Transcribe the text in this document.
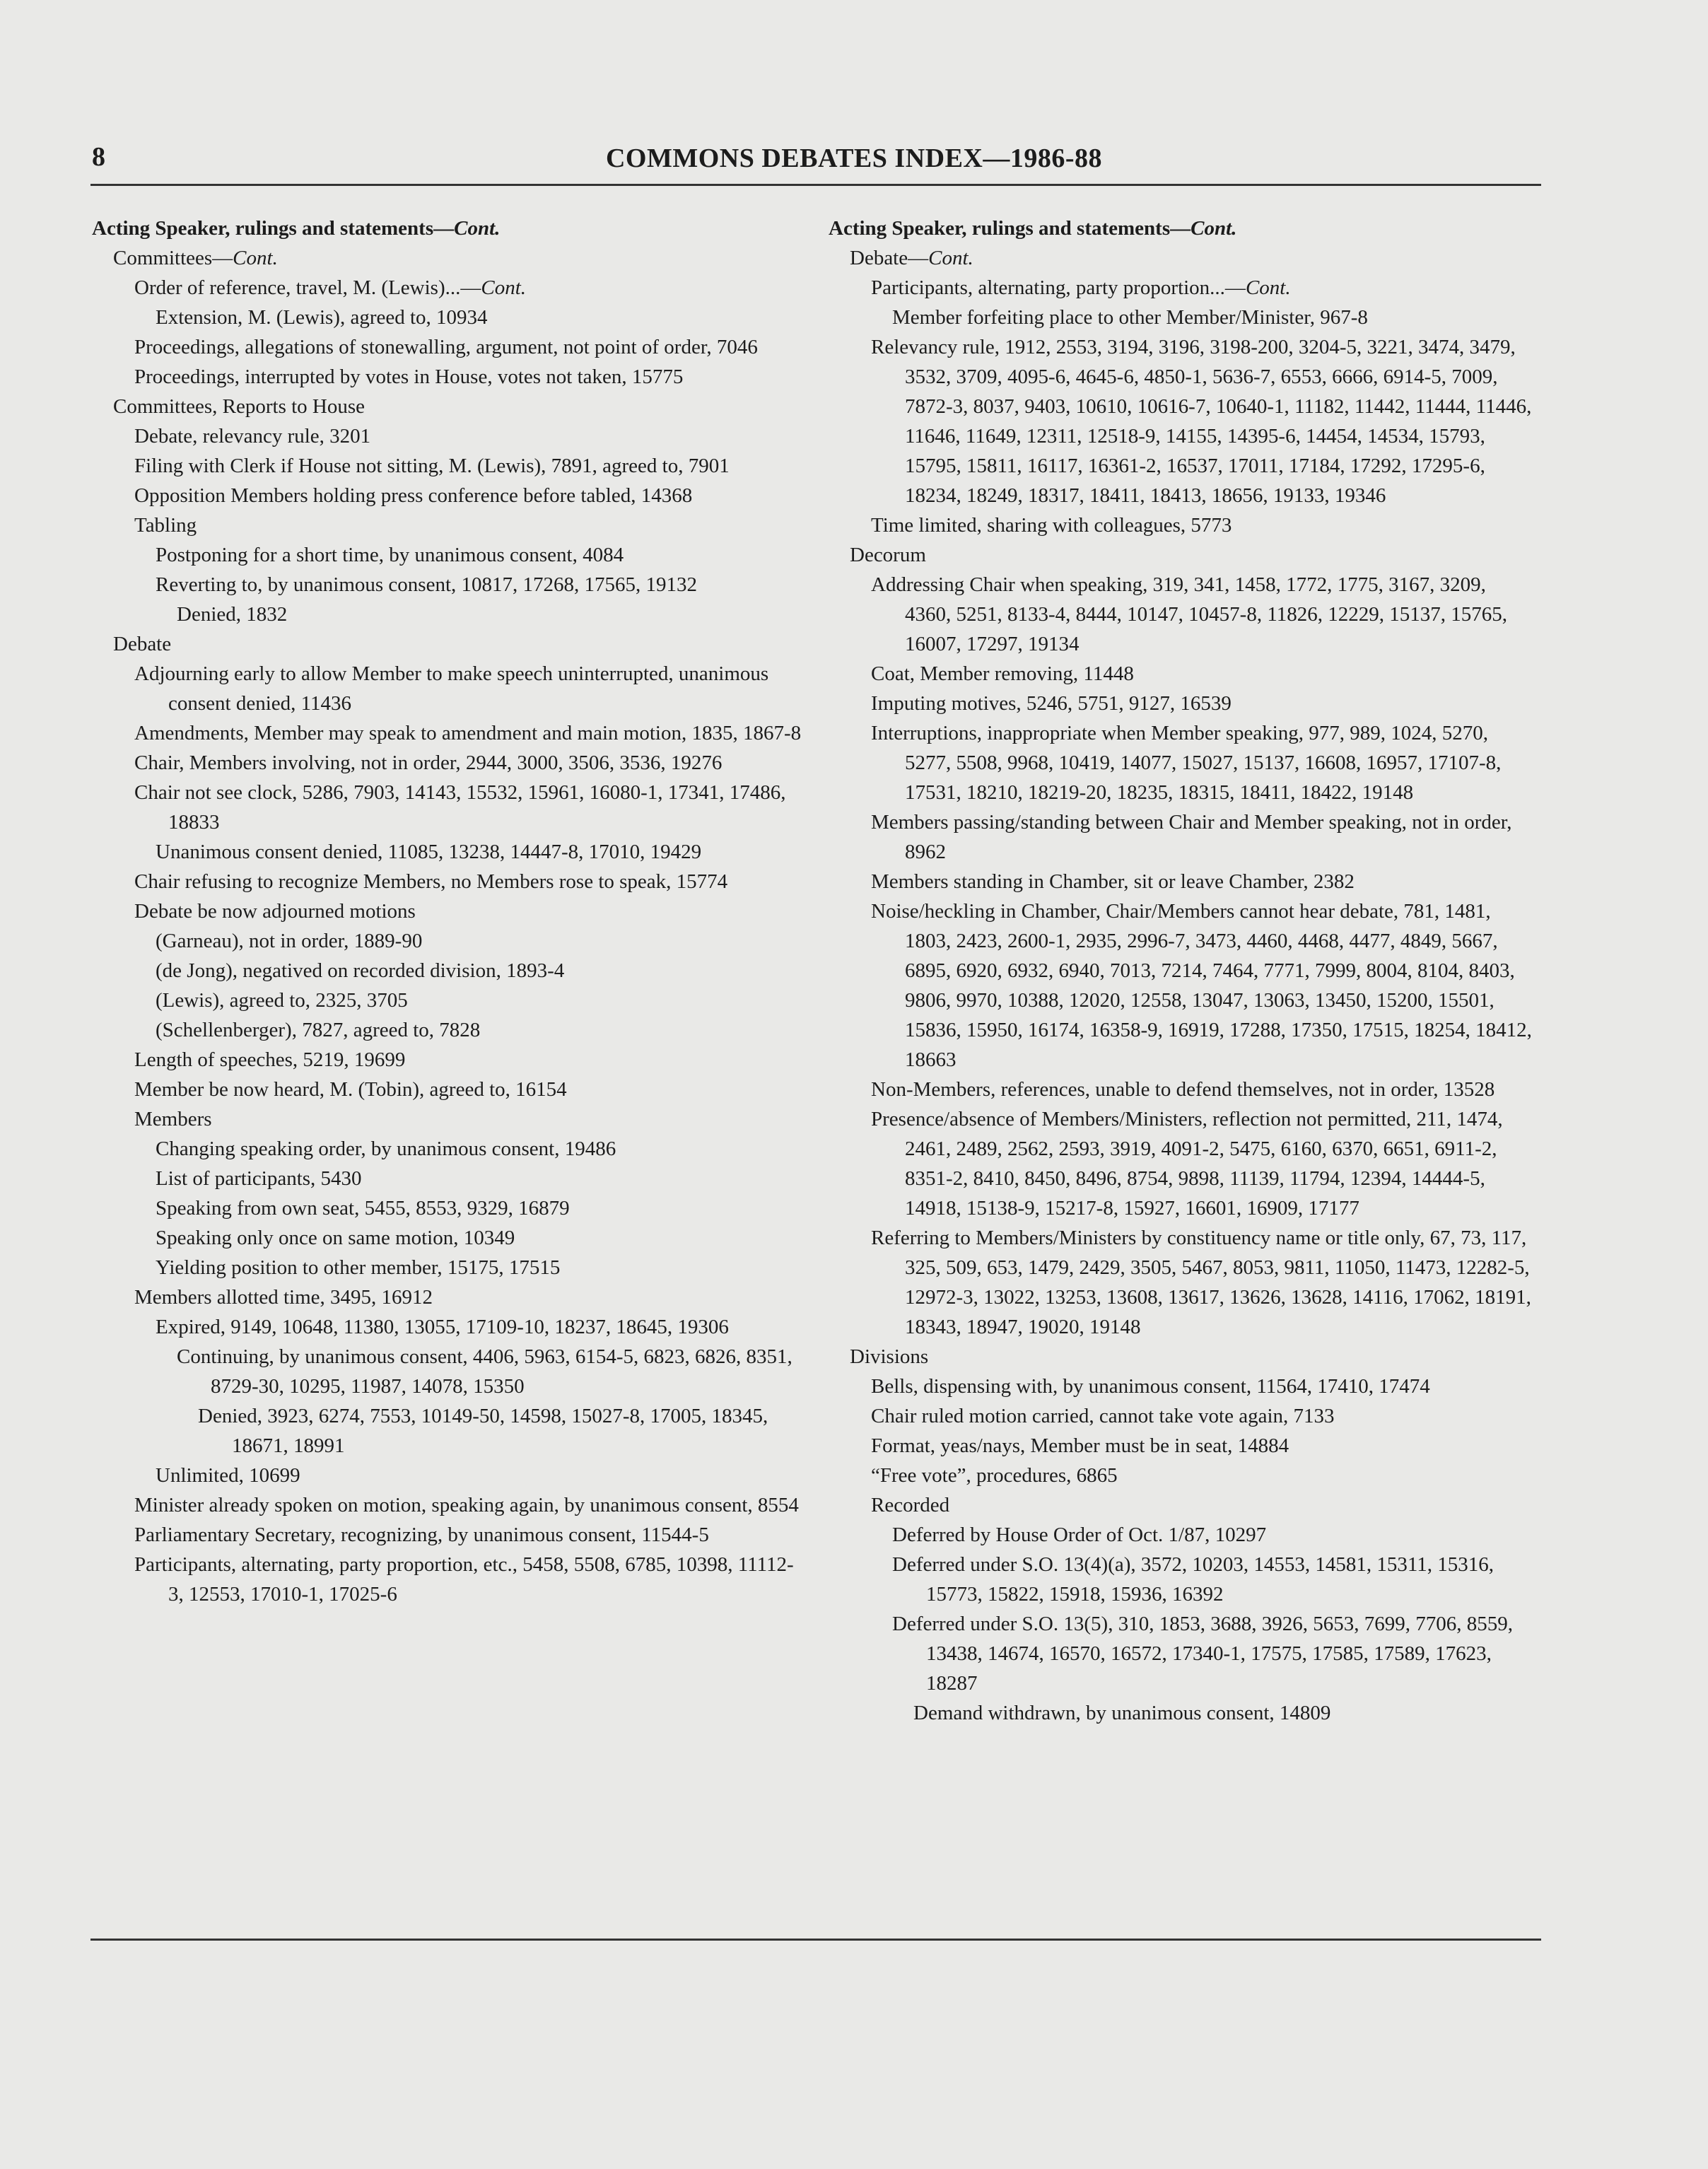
8	COMMONS DEBATES INDEX—1986-88
Acting Speaker, rulings and statements—Cont.
Committees—Cont.
Order of reference, travel, M. (Lewis)...—Cont.
Extension, M. (Lewis), agreed to, 10934
Proceedings, allegations of stonewalling, argument, not point of order, 7046
Proceedings, interrupted by votes in House, votes not taken, 15775
Committees, Reports to House
Debate, relevancy rule, 3201
Filing with Clerk if House not sitting, M. (Lewis), 7891, agreed to, 7901
Opposition Members holding press conference before tabled, 14368
Tabling
Postponing for a short time, by unanimous consent, 4084
Reverting to, by unanimous consent, 10817, 17268, 17565, 19132
Denied, 1832
Debate
Adjourning early to allow Member to make speech uninterrupted, unanimous consent denied, 11436
Amendments, Member may speak to amendment and main motion, 1835, 1867-8
Chair, Members involving, not in order, 2944, 3000, 3506, 3536, 19276
Chair not see clock, 5286, 7903, 14143, 15532, 15961, 16080-1, 17341, 17486, 18833
Unanimous consent denied, 11085, 13238, 14447-8, 17010, 19429
Chair refusing to recognize Members, no Members rose to speak, 15774
Debate be now adjourned motions
(Garneau), not in order, 1889-90
(de Jong), negatived on recorded division, 1893-4
(Lewis), agreed to, 2325, 3705
(Schellenberger), 7827, agreed to, 7828
Length of speeches, 5219, 19699
Member be now heard, M. (Tobin), agreed to, 16154
Members
Changing speaking order, by unanimous consent, 19486
List of participants, 5430
Speaking from own seat, 5455, 8553, 9329, 16879
Speaking only once on same motion, 10349
Yielding position to other member, 15175, 17515
Members allotted time, 3495, 16912
Expired, 9149, 10648, 11380, 13055, 17109-10, 18237, 18645, 19306
Continuing, by unanimous consent, 4406, 5963, 6154-5, 6823, 6826, 8351, 8729-30, 10295, 11987, 14078, 15350
Denied, 3923, 6274, 7553, 10149-50, 14598, 15027-8, 17005, 18345, 18671, 18991
Unlimited, 10699
Minister already spoken on motion, speaking again, by unanimous consent, 8554
Parliamentary Secretary, recognizing, by unanimous consent, 11544-5
Participants, alternating, party proportion, etc., 5458, 5508, 6785, 10398, 11112-3, 12553, 17010-1, 17025-6
Acting Speaker, rulings and statements—Cont.
Debate—Cont.
Participants, alternating, party proportion...—Cont.
Member forfeiting place to other Member/Minister, 967-8
Relevancy rule, 1912, 2553, 3194, 3196, 3198-200, 3204-5, 3221, 3474, 3479, 3532, 3709, 4095-6, 4645-6, 4850-1, 5636-7, 6553, 6666, 6914-5, 7009, 7872-3, 8037, 9403, 10610, 10616-7, 10640-1, 11182, 11442, 11444, 11446, 11646, 11649, 12311, 12518-9, 14155, 14395-6, 14454, 14534, 15793, 15795, 15811, 16117, 16361-2, 16537, 17011, 17184, 17292, 17295-6, 18234, 18249, 18317, 18411, 18413, 18656, 19133, 19346
Time limited, sharing with colleagues, 5773
Decorum
Addressing Chair when speaking, 319, 341, 1458, 1772, 1775, 3167, 3209, 4360, 5251, 8133-4, 8444, 10147, 10457-8, 11826, 12229, 15137, 15765, 16007, 17297, 19134
Coat, Member removing, 11448
Imputing motives, 5246, 5751, 9127, 16539
Interruptions, inappropriate when Member speaking, 977, 989, 1024, 5270, 5277, 5508, 9968, 10419, 14077, 15027, 15137, 16608, 16957, 17107-8, 17531, 18210, 18219-20, 18235, 18315, 18411, 18422, 19148
Members passing/standing between Chair and Member speaking, not in order, 8962
Members standing in Chamber, sit or leave Chamber, 2382
Noise/heckling in Chamber, Chair/Members cannot hear debate, 781, 1481, 1803, 2423, 2600-1, 2935, 2996-7, 3473, 4460, 4468, 4477, 4849, 5667, 6895, 6920, 6932, 6940, 7013, 7214, 7464, 7771, 7999, 8004, 8104, 8403, 9806, 9970, 10388, 12020, 12558, 13047, 13063, 13450, 15200, 15501, 15836, 15950, 16174, 16358-9, 16919, 17288, 17350, 17515, 18254, 18412, 18663
Non-Members, references, unable to defend themselves, not in order, 13528
Presence/absence of Members/Ministers, reflection not permitted, 211, 1474, 2461, 2489, 2562, 2593, 3919, 4091-2, 5475, 6160, 6370, 6651, 6911-2, 8351-2, 8410, 8450, 8496, 8754, 9898, 11139, 11794, 12394, 14444-5, 14918, 15138-9, 15217-8, 15927, 16601, 16909, 17177
Referring to Members/Ministers by constituency name or title only, 67, 73, 117, 325, 509, 653, 1479, 2429, 3505, 5467, 8053, 9811, 11050, 11473, 12282-5, 12972-3, 13022, 13253, 13608, 13617, 13626, 13628, 14116, 17062, 18191, 18343, 18947, 19020, 19148
Divisions
Bells, dispensing with, by unanimous consent, 11564, 17410, 17474
Chair ruled motion carried, cannot take vote again, 7133
Format, yeas/nays, Member must be in seat, 14884
“Free vote”, procedures, 6865
Recorded
Deferred by House Order of Oct. 1/87, 10297
Deferred under S.O. 13(4)(a), 3572, 10203, 14553, 14581, 15311, 15316, 15773, 15822, 15918, 15936, 16392
Deferred under S.O. 13(5), 310, 1853, 3688, 3926, 5653, 7699, 7706, 8559, 13438, 14674, 16570, 16572, 17340-1, 17575, 17585, 17589, 17623, 18287
Demand withdrawn, by unanimous consent, 14809
